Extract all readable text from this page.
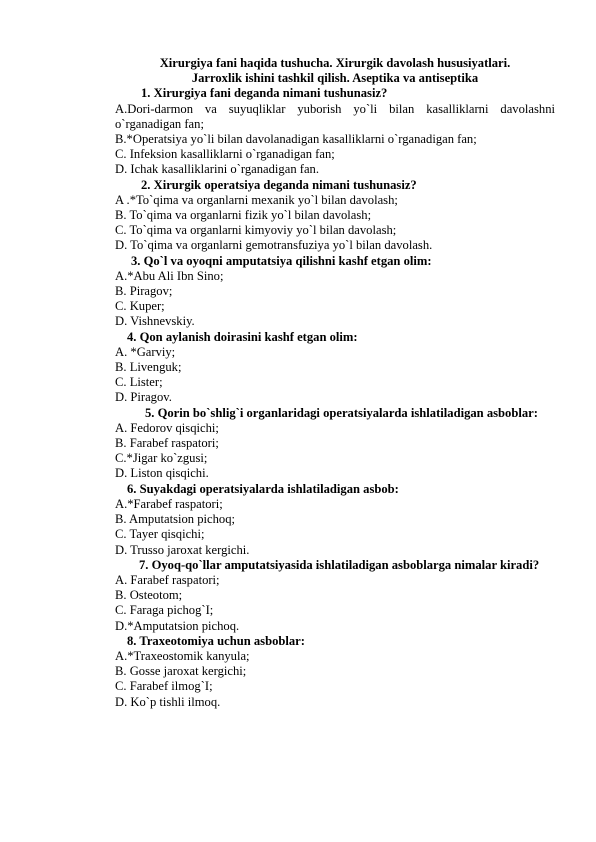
Xirurgiya fani haqida tushucha. Xirurgik davolash hususiyatlari.

Jarroxlik ishini tashkil qilish. Aseptika va antiseptika

1. Xirurgiya fani deganda nimani tushunasiz?

A.Dori-darmon va suyuqliklar yuborish yo`li bilan kasalliklarni davolashni o`rganadigan fan;

B.*Operatsiya yo`li bilan davolanadigan kasalliklarni o`rganadigan fan;

C. Infeksion kasalliklarni o`rganadigan fan;

D. Ichak kasalliklarini o`rganadigan fan.

2. Xirurgik operatsiya deganda nimani tushunasiz?

A .*To`qima va organlarni mexanik yo`l bilan davolash;

B. To`qima va organlarni fizik yo`l bilan davolash;

C. To`qima va organlarni kimyoviy yo`l bilan davolash;

D. To`qima va organlarni gemotransfuziya yo`l bilan davolash.

3. Qo`l va oyoqni amputatsiya qilishni kashf etgan olim:

A.*Abu Ali Ibn Sino;

B. Piragov;

C. Kuper;

D. Vishnevskiy.

4. Qon aylanish doirasini kashf etgan olim:

A. *Garviy;

B. Livenguk;

C. Lister;

D. Piragov.

5. Qorin bo`shlig`i organlaridagi operatsiyalarda ishlatiladigan asboblar:

A. Fedorov qisqichi;

B. Farabef raspatori;

C.*Jigar ko`zgusi;

D. Liston qisqichi.

6. Suyakdagi operatsiyalarda ishlatiladigan asbob:

A.*Farabef raspatori;

B. Amputatsion pichoq;

C. Tayer qisqichi;

D. Trusso jaroxat kergichi.

7. Oyoq-qo`llar amputatsiyasida ishlatiladigan asboblarga nimalar kiradi?

A. Farabef raspatori;

B. Osteotom;

C. Faraga pichog`I;

D.*Amputatsion pichoq.

8. Traxeotomiya uchun asboblar:

A.*Traxeostomik kanyula;

B. Gosse jaroxat kergichi;

C. Farabef ilmog`I;

D. Ko`p tishli ilmoq.
